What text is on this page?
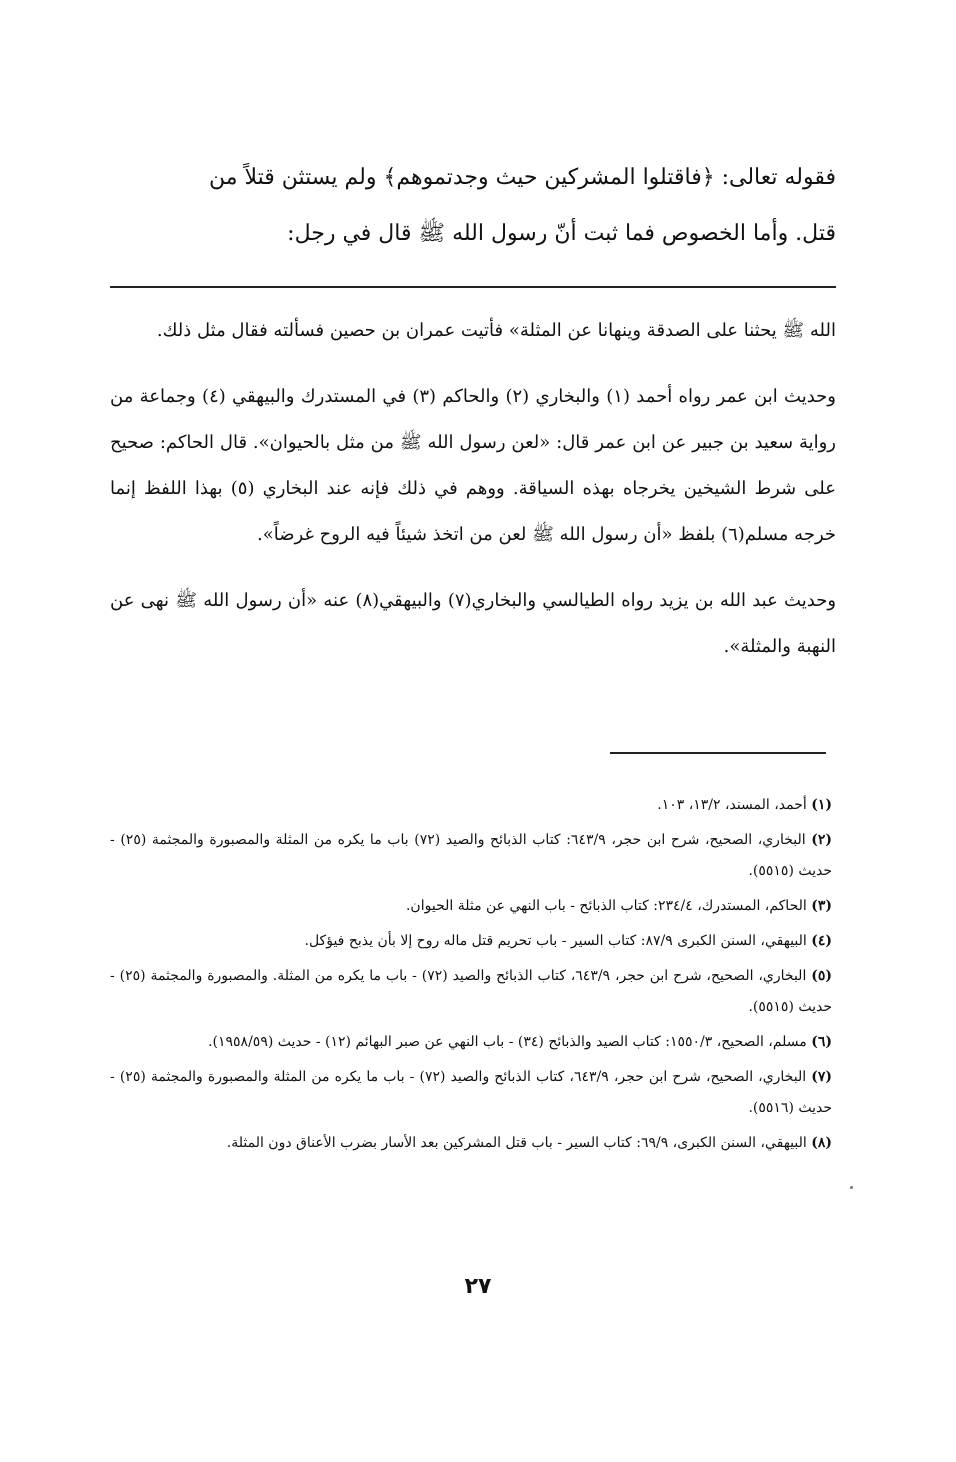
فقوله تعالى: ﴿فاقتلوا المشركين حيث وجدتموهم﴾ ولم يستثن قتلاً من

قتل. وأما الخصوص فما ثبت أنّ رسول الله ﷺ قال في رجل:

الله ﷺ يحثنا على الصدقة وينهانا عن المثلة» فأتيت عمران بن حصين فسألته فقال مثل ذلك.

وحديث ابن عمر رواه أحمد (١) والبخاري (٢) والحاكم (٣) في المستدرك والبيهقي (٤) وجماعة من رواية سعيد بن جبير عن ابن عمر قال: «لعن رسول الله ﷺ من مثل بالحيوان». قال الحاكم: صحيح على شرط الشيخين يخرجاه بهذه السياقة. ووهم في ذلك فإنه عند البخاري (٥) بهذا اللفظ إنما خرجه مسلم(٦) بلفظ «أن رسول الله ﷺ لعن من اتخذ شيئاً فيه الروح غرضاً».

وحديث عبد الله بن يزيد رواه الطيالسي والبخاري(٧) والبيهقي(٨) عنه «أن رسول الله ﷺ نهى عن النهبة والمثلة».

(١) أحمد، المسند، ١٣/٢، ١٠٣.
(٢) البخاري، الصحيح، شرح ابن حجر، ٦٤٣/٩: كتاب الذبائح والصيد (٧٢) باب ما يكره من المثلة والمصبورة والمجثمة (٢٥) - حديث (٥٥١٥).
(٣) الحاكم، المستدرك، ٢٣٤/٤: كتاب الذبائح - باب النهي عن مثلة الحيوان.
(٤) البيهقي، السنن الكبرى ٨٧/٩: كتاب السير - باب تحريم قتل ماله روح إلا بأن يذبح فيؤكل.
(٥) البخاري، الصحيح، شرح ابن حجر، ٦٤٣/٩، كتاب الذبائح والصيد (٧٢) - باب ما يكره من المثلة. والمصبورة والمجثمة (٢٥) - حديث (٥٥١٥).
(٦) مسلم، الصحيح، ١٥٥٠/٣: كتاب الصيد والذبائح (٣٤) - باب النهي عن صبر البهائم (١٢) - حديث (١٩٥٨/٥٩).
(٧) البخاري، الصحيح، شرح ابن حجر، ٦٤٣/٩، كتاب الذبائح والصيد (٧٢) - باب ما يكره من المثلة والمصبورة والمجثمة (٢٥) - حديث (٥٥١٦).
(٨) البيهقي، السنن الكبرى، ٦٩/٩: كتاب السير - باب قتل المشركين بعد الأسار بضرب الأعناق دون المثلة.
٢٧
